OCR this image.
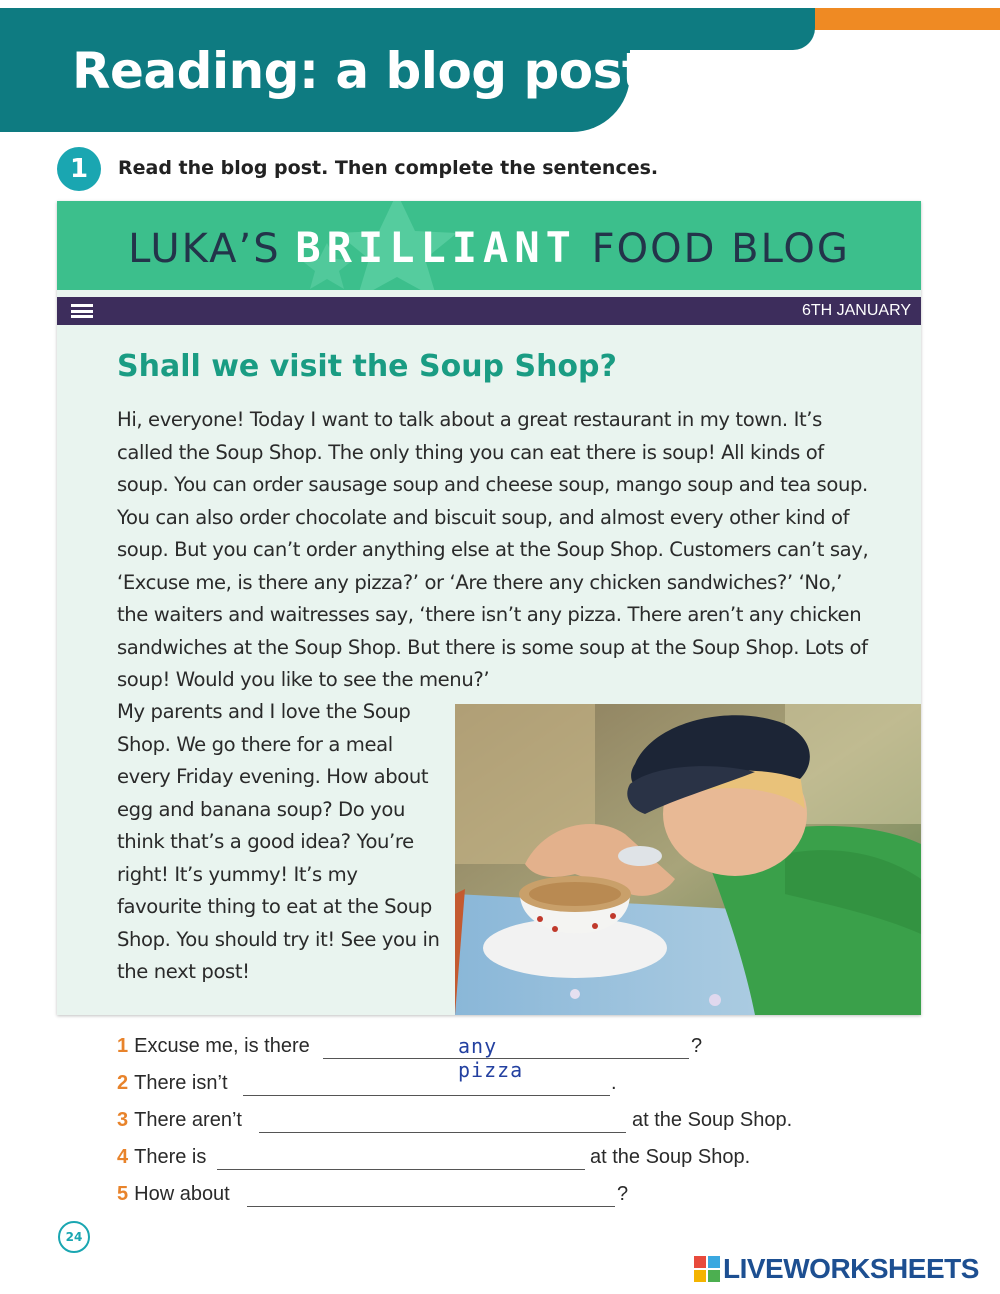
Reading: a blog post
1	Read the blog post. Then complete the sentences.
LUKA’S BRILLIANT FOOD BLOG
6TH JANUARY
Shall we visit the Soup Shop?

Hi, everyone! Today I want to talk about a great restaurant in my town. It’s called the Soup Shop. The only thing you can eat there is soup! All kinds of soup. You can order sausage soup and cheese soup, mango soup and tea soup. You can also order chocolate and biscuit soup, and almost every other kind of soup. But you can’t order anything else at the Soup Shop. Customers can’t say, ‘Excuse me, is there any pizza?’ or ‘Are there any chicken sandwiches?’ ‘No,’ the waiters and waitresses say, ‘there isn’t any pizza. There aren’t any chicken sandwiches at the Soup Shop. But there is some soup at the Soup Shop. Lots of soup! Would you like to see the menu?’

My parents and I love the Soup Shop. We go there for a meal every Friday evening. How about egg and banana soup? Do you think that’s a good idea? You’re right! It’s yummy! It’s my favourite thing to eat at the Soup Shop. You should try it! See you in the next post!

1 Excuse me, is there	any pizza
?
2 There isn’t	.
3 There aren’t	at the Soup Shop.
4 There is	at the Soup Shop.
5 How about	?
24
LIVEWORKSHEETS
